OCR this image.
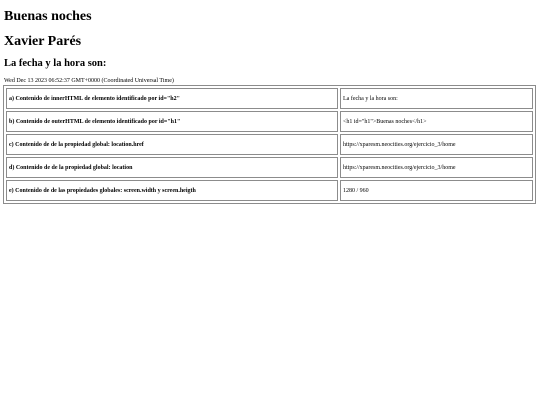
Buenas noches
Xavier Parés
La fecha y la hora son:

Wed Dec 13 2023 06:52:37 GMT+0000 (Coordinated Universal Time)

a) Contenido de innerHTML de elemento identificado por id="h2"	La fecha y la hora son:
b) Contenido de outerHTML de elemento identificado por id="h1"	<h1 id="h1">Buenas noches</h1>
c) Contenido de de la propiedad global: location.href	https://xparesm.neocities.org/ejercicio_3/home
d) Contenido de de la propiedad global: location	https://xparesm.neocities.org/ejercicio_3/home
e) Contenido de de las propiedades globales: screen.width y screen.heigth	1280 / 960
